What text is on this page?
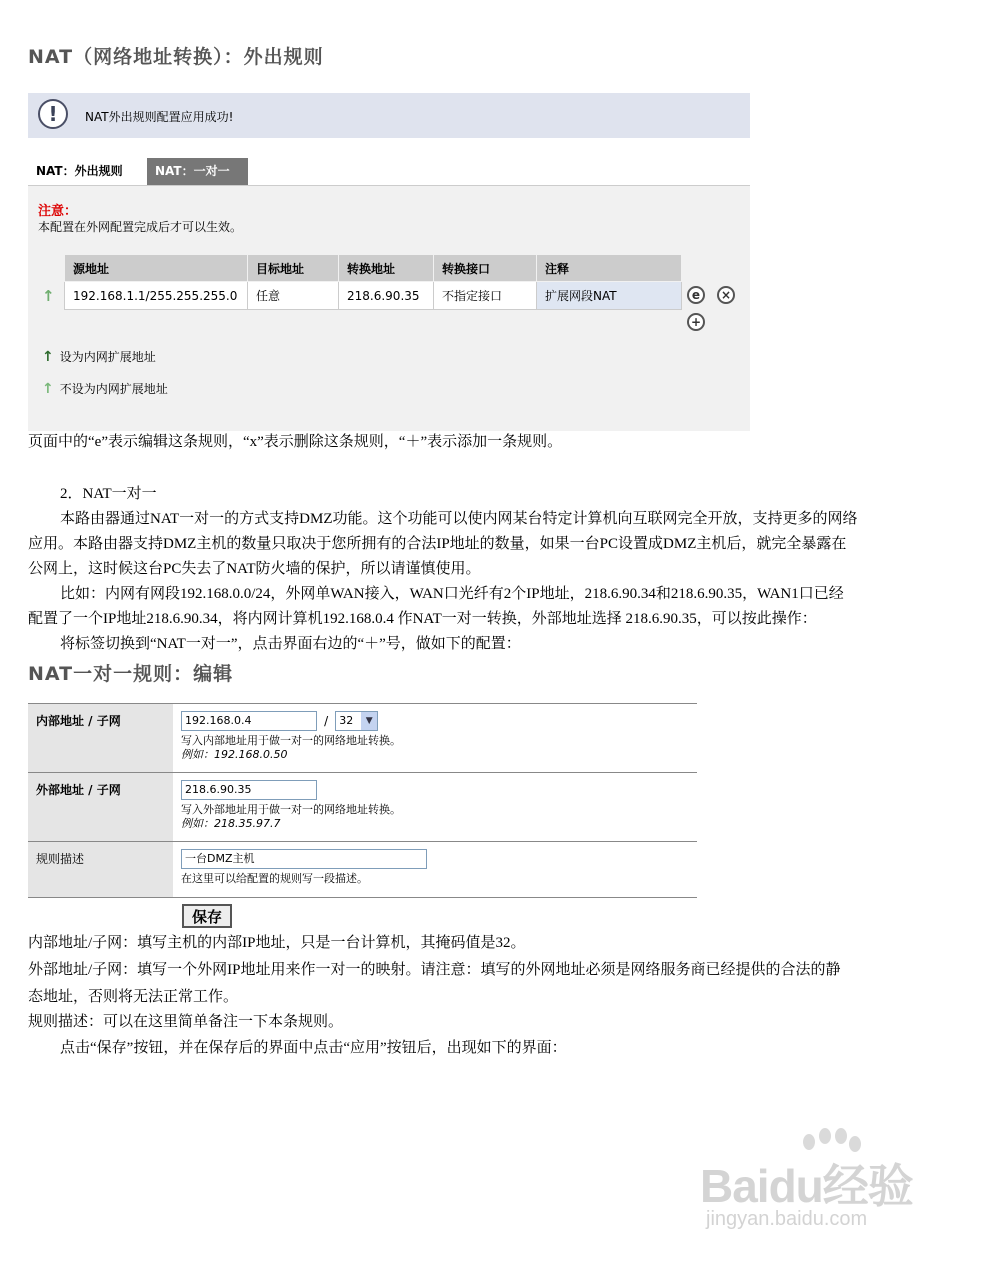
NAT（网络地址转换）：外出规则
!	NAT外出规则配置应用成功!
NAT：外出规则	NAT：一对一
注意：
本配置在外网配置完成后才可以生效。
源地址	目标地址	转换地址	转换接口	注释
192.168.1.1/255.255.255.0	任意	218.6.90.35	不指定接口	扩展网段NAT
↑	e	×
+
↑ 设为内网扩展地址
↑ 不设为内网扩展地址
页面中的“e”表示编辑这条规则，“x”表示删除这条规则，“＋”表示添加一条规则。
2．NAT一对一
本路由器通过NAT一对一的方式支持DMZ功能。这个功能可以使内网某台特定计算机向互联网完全开放，支持更多的网络
应用。本路由器支持DMZ主机的数量只取决于您所拥有的合法IP地址的数量，如果一台PC设置成DMZ主机后，就完全暴露在
公网上，这时候这台PC失去了NAT防火墙的保护，所以请谨慎使用。
比如：内网有网段192.168.0.0/24，外网单WAN接入，WAN口光纤有2个IP地址，218.6.90.34和218.6.90.35，WAN1口已经
配置了一个IP地址218.6.90.34，将内网计算机192.168.0.4 作NAT一对一转换，外部地址选择 218.6.90.35，可以按此操作：
将标签切换到“NAT一对一”，点击界面右边的“＋”号，做如下的配置：
NAT一对一规则：编辑
内部地址 / 子网	192.168.0.4	/ 32	▼
写入内部地址用于做一对一的网络地址转换。
例如：192.168.0.50
外部地址 / 子网	218.6.90.35
写入外部地址用于做一对一的网络地址转换。
例如：218.35.97.7
规则描述	一台DMZ主机
在这里可以给配置的规则写一段描述。
保存
内部地址/子网：填写主机的内部IP地址，只是一台计算机，其掩码值是32。
外部地址/子网：填写一个外网IP地址用来作一对一的映射。请注意：填写的外网地址必须是网络服务商已经提供的合法的静
态地址，否则将无法正常工作。
规则描述：可以在这里简单备注一下本条规则。
点击“保存”按钮，并在保存后的界面中点击“应用”按钮后，出现如下的界面：
Baidu经验
jingyan.baidu.com
